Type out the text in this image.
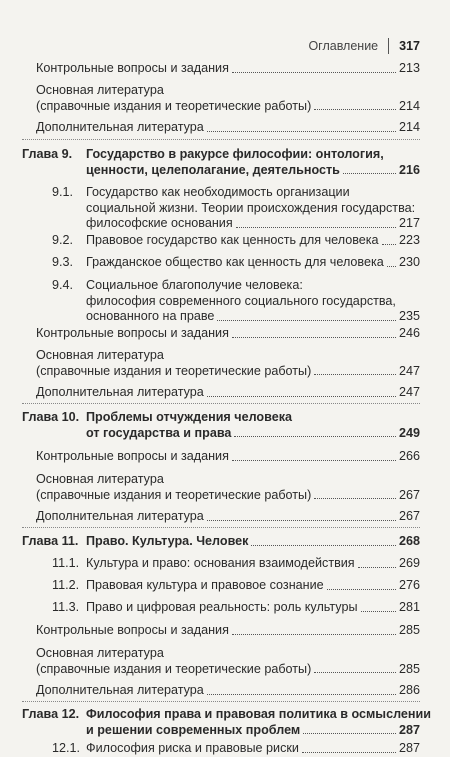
Оглавление 317
Контрольные вопросы и задания	213
Основная литература
(справочные издания и теоретические работы)	214
Дополнительная литература	214
Глава 9.	Государство в ракурсе философии: онтология,
ценности, целеполагание, деятельность	216
9.1. Государство как необходимость организации
социальной жизни. Теории происхождения государства:
философские основания	217
9.2. Правовое государство как ценность для человека 223
9.3. Гражданское общество как ценность для человека 230
9.4. Социальное благополучие человека:
философия современного социального государства,
основанного на праве	235
Контрольные вопросы и задания	246
Основная литература
(справочные издания и теоретические работы)	247
Дополнительная литература	247
Глава 10. Проблемы отчуждения человека
от государства и права	249
Контрольные вопросы и задания	266
Основная литература
(справочные издания и теоретические работы)	267
Дополнительная литература	267
Глава 11. Право. Культура. Человек	268
11.1. Культура и право: основания взаимодействия	269
11.2. Правовая культура и правовое сознание	276
11.3. Право и цифровая реальность: роль культуры	281
Контрольные вопросы и задания	285
Основная литература
(справочные издания и теоретические работы)	285
Дополнительная литература	286
Глава 12. Философия права и правовая политика в осмыслении
и решении современных проблем	287
12.1. Философия риска и правовые риски	287
